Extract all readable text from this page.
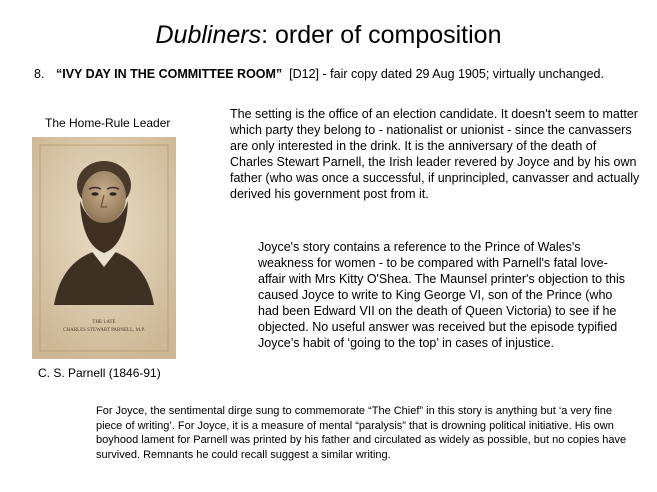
Dubliners: order of composition
8. “IVY DAY IN THE COMMITTEE ROOM” [D12] - fair copy dated 29 Aug 1905; virtually unchanged.
The Home-Rule Leader
THE LATE
CHARLES STEWART PARNELL, M.P.
C. S. Parnell (1846-91)

The setting is the office of an election candidate. It doesn't seem to matter which party they belong to - nationalist or unionist - since the canvassers are only interested in the drink. It is the anniversary of the death of Charles Stewart Parnell, the Irish leader revered by Joyce and by his own father (who was once a successful, if unprincipled, canvasser and actually derived his government post from it.

Joyce's story contains a reference to the Prince of Wales's weakness for women - to be compared with Parnell's fatal love-affair with Mrs Kitty O'Shea. The Maunsel printer's objection to this caused Joyce to write to King George VI, son of the Prince (who had been Edward VII on the death of Queen Victoria) to see if he objected. No useful answer was received but the episode typified Joyce’s habit of ‘going to the top’ in cases of injustice.

For Joyce, the sentimental dirge sung to commemorate “The Chief” in this story is anything but ‘a very fine piece of writing’. For Joyce, it is a measure of mental “paralysis” that is drowning political initiative. His own boyhood lament for Parnell was printed by his father and circulated as widely as possible, but no copies have survived. Remnants he could recall suggest a similar writing.
